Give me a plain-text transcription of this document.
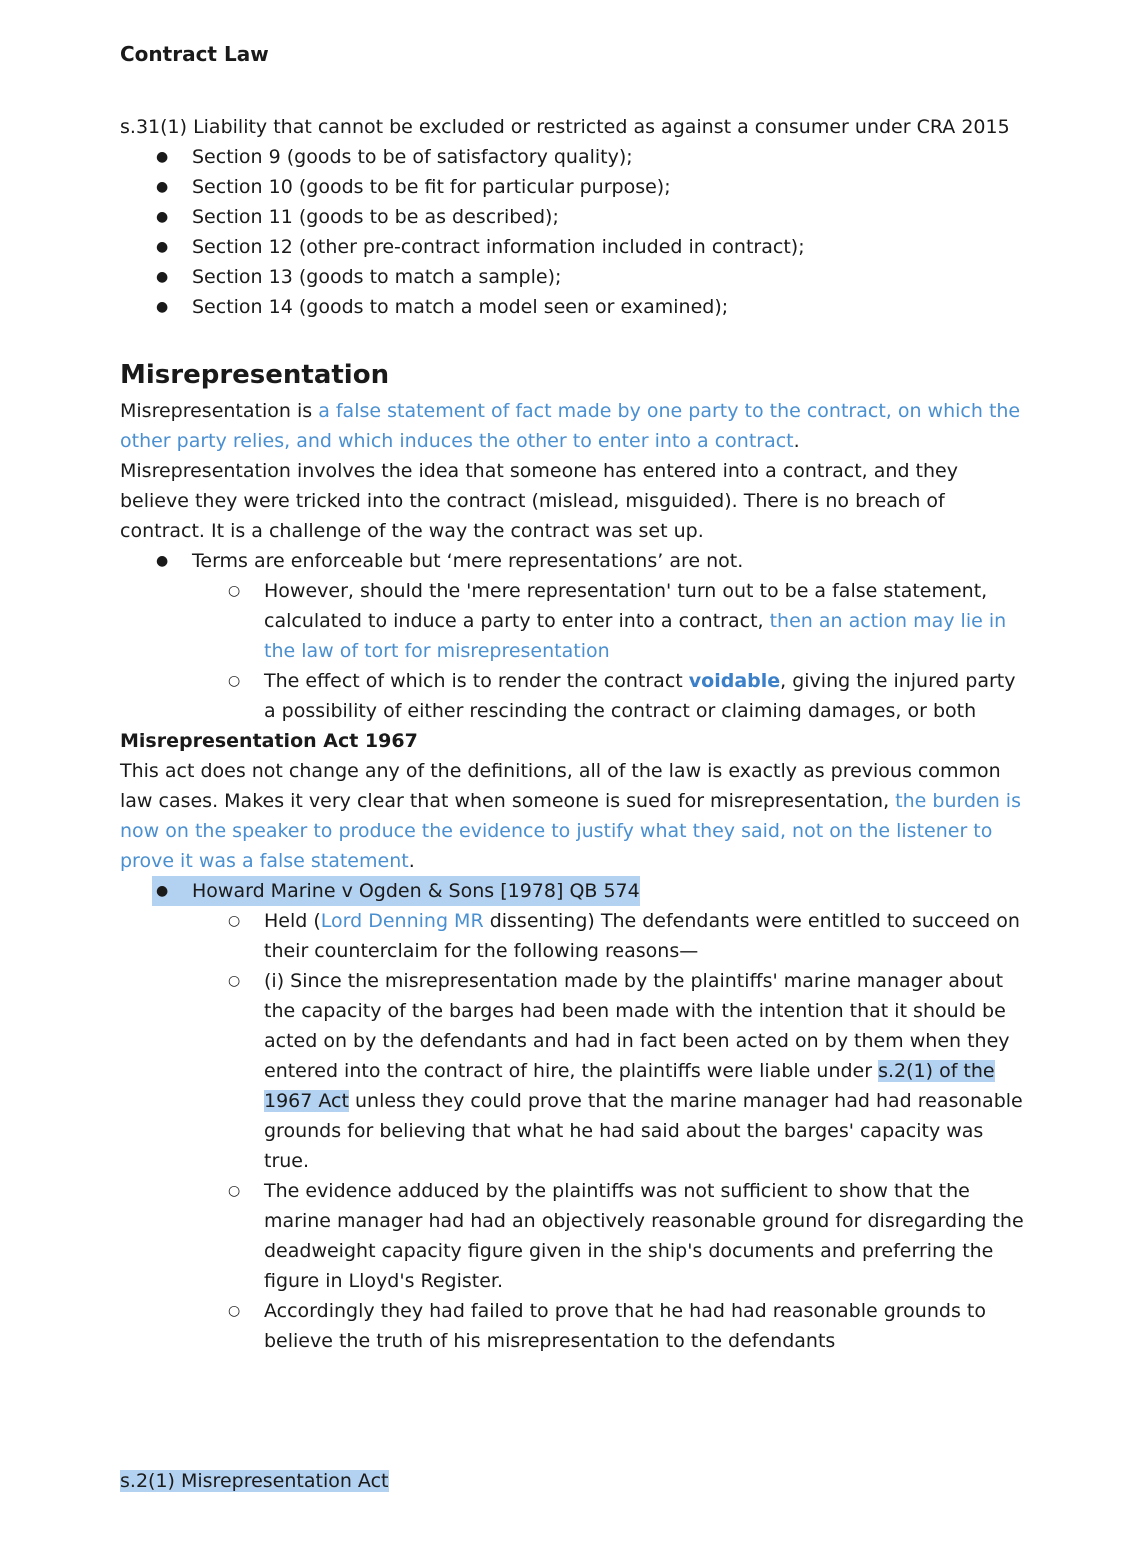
Contract Law

s.31(1) Liability that cannot be excluded or restricted as against a consumer under CRA 2015

● Section 9 (goods to be of satisfactory quality);
● Section 10 (goods to be fit for particular purpose);
● Section 11 (goods to be as described);
● Section 12 (other pre-contract information included in contract);
● Section 13 (goods to match a sample);
● Section 14 (goods to match a model seen or examined);
Misrepresentation

Misrepresentation is a false statement of fact made by one party to the contract, on which the other party relies, and which induces the other to enter into a contract.

Misrepresentation involves the idea that someone has entered into a contract, and they believe they were tricked into the contract (mislead, misguided). There is no breach of contract. It is a challenge of the way the contract was set up.

● Terms are enforceable but ‘mere representations’ are not.
○ However, should the 'mere representation' turn out to be a false statement, calculated to induce a party to enter into a contract, then an action may lie in the law of tort for misrepresentation
○ The effect of which is to render the contract voidable, giving the injured party a possibility of either rescinding the contract or claiming damages, or both

Misrepresentation Act 1967

This act does not change any of the definitions, all of the law is exactly as previous common law cases. Makes it very clear that when someone is sued for misrepresentation, the burden is now on the speaker to produce the evidence to justify what they said, not on the listener to prove it was a false statement.

● Howard Marine v Ogden & Sons [1978] QB 574
○ Held (Lord Denning MR dissenting) The defendants were entitled to succeed on their counterclaim for the following reasons—
○ (i) Since the misrepresentation made by the plaintiffs' marine manager about the capacity of the barges had been made with the intention that it should be acted on by the defendants and had in fact been acted on by them when they entered into the contract of hire, the plaintiffs were liable under s.2(1) of the 1967 Act unless they could prove that the marine manager had had reasonable grounds for believing that what he had said about the barges' capacity was true.
○ The evidence adduced by the plaintiffs was not sufficient to show that the marine manager had had an objectively reasonable ground for disregarding the deadweight capacity figure given in the ship's documents and preferring the figure in Lloyd's Register.
○ Accordingly they had failed to prove that he had had reasonable grounds to believe the truth of his misrepresentation to the defendants
s.2(1) Misrepresentation Act
